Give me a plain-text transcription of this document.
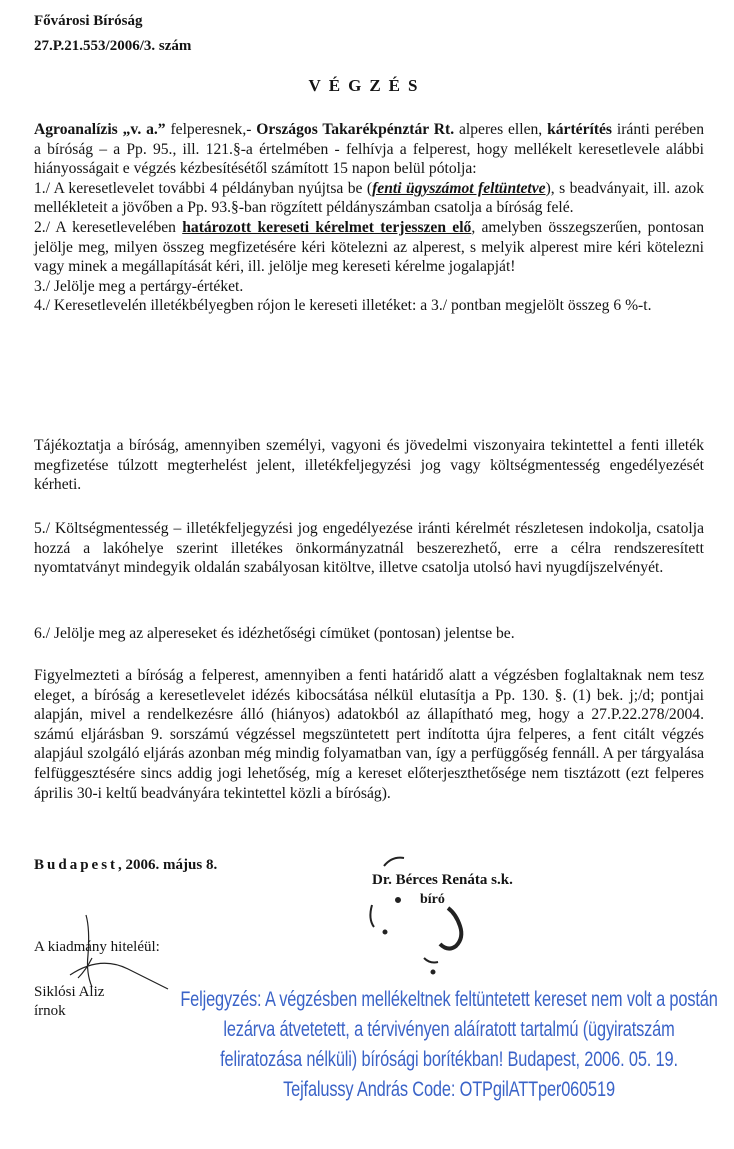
Fővárosi Bíróság
27.P.21.553/2006/3. szám
VÉGZÉS

Agroanalízis „v. a.” felperesnek,- Országos Takarékpénztár Rt. alperes ellen, kártérítés iránti perében a bíróság – a Pp. 95., ill. 121.§-a értelmében - felhívja a felperest, hogy mellékelt keresetlevele alábbi hiányosságait e végzés kézbesítésétől számított 15 napon belül pótolja:

1./ A keresetlevelet további 4 példányban nyújtsa be (fenti ügyszámot feltüntetve), s beadványait, ill. azok mellékleteit a jövőben a Pp. 93.§-ban rögzített példányszámban csatolja a bíróság felé.

2./ A keresetlevelében határozott kereseti kérelmet terjesszen elő, amelyben összegszerűen, pontosan jelölje meg, milyen összeg megfizetésére kéri kötelezni az alperest, s melyik alperest mire kéri kötelezni vagy minek a megállapítását kéri, ill. jelölje meg kereseti kérelme jogalapját!

3./ Jelölje meg a pertárgy-értéket.

4./ Keresetlevelén illetékbélyegben rójon le kereseti illetéket: a 3./ pontban megjelölt összeg 6 %-t.

Tájékoztatja a bíróság, amennyiben személyi, vagyoni és jövedelmi viszonyaira tekintettel a fenti illeték megfizetése túlzott megterhelést jelent, illetékfeljegyzési jog vagy költségmentesség engedélyezését kérheti.

5./ Költségmentesség – illetékfeljegyzési jog engedélyezése iránti kérelmét részletesen indokolja, csatolja hozzá a lakóhelye szerint illetékes önkormányzatnál beszerezhető, erre a célra rendszeresített nyomtatványt mindegyik oldalán szabályosan kitöltve, illetve csatolja utolsó havi nyugdíjszelvényét.

6./ Jelölje meg az alpereseket és idézhetőségi címüket (pontosan) jelentse be.

Figyelmezteti a bíróság a felperest, amennyiben a fenti határidő alatt a végzésben foglaltaknak nem tesz eleget, a bíróság a keresetlevelet idézés kibocsátása nélkül elutasítja a Pp. 130. §. (1) bek. j;/d; pontjai alapján, mivel a rendelkezésre álló (hiányos) adatokból az állapítható meg, hogy a 27.P.22.278/2004. számú eljárásban 9. sorszámú végzéssel megszüntetett pert indította újra felperes, a fent citált végzés alapjául szolgáló eljárás azonban még mindig folyamatban van, így a perfüggőség fennáll. A per tárgyalása felfüggesztésére sincs addig jogi lehetőség, míg a kereset előterjeszthetősége nem tisztázott (ezt felperes április 30-i keltű beadványára tekintettel közli a bíróság).

Budapest, 2006. május 8.
Dr. Bérces Renáta s.k.
bíró
A kiadmány hiteléül:
Siklósi Aliz
írnok	Feljegyzés: A végzésben mellékeltnek feltüntetett kereset nem volt a postán
lezárva átvetetett, a térvivényen aláíratott tartalmú (ügyiratszám
feliratozása nélküli) bírósági borítékban! Budapest, 2006. 05. 19.
Tejfalussy András Code: OTPgilATTper060519
